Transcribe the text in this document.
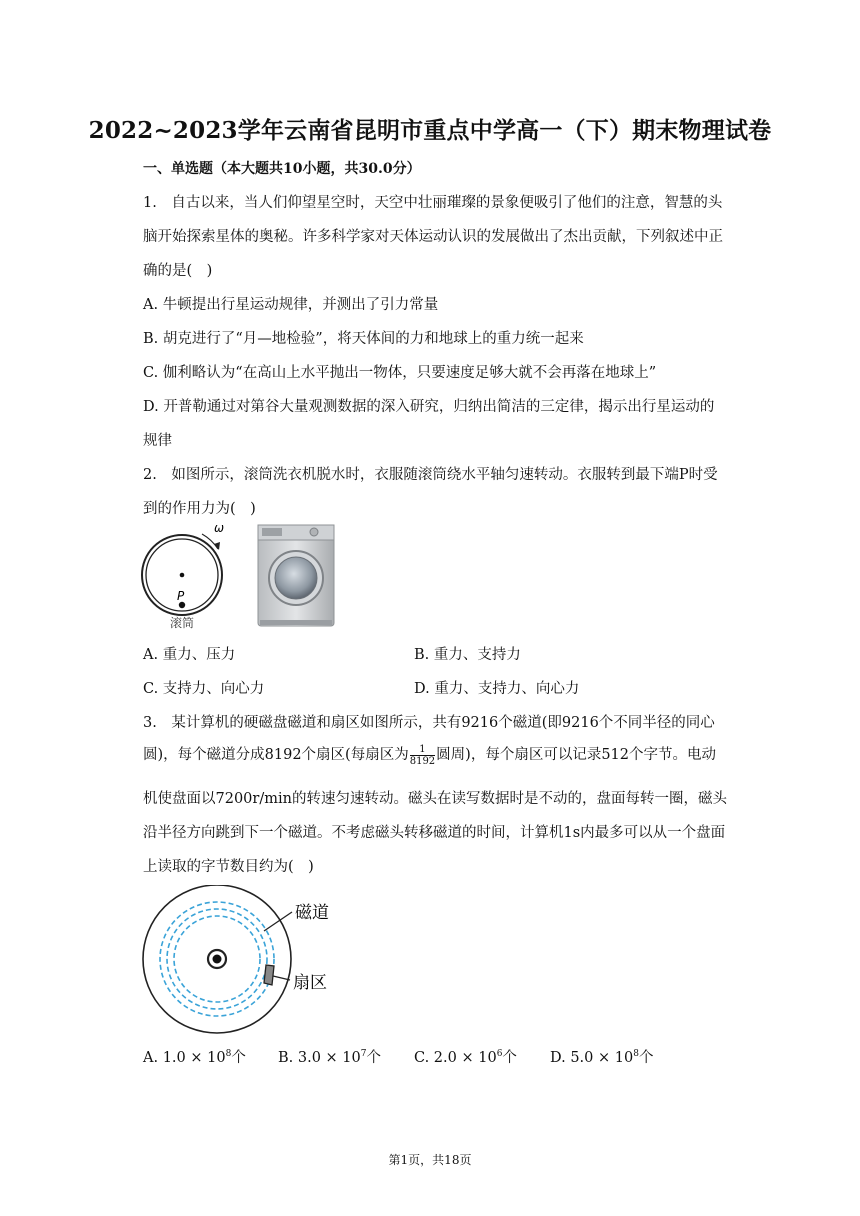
2022~2023学年云南省昆明市重点中学高一（下）期末物理试卷
一、单选题（本大题共10小题，共30.0分）
1.　自古以来，当人们仰望星空时，天空中壮丽璀璨的景象便吸引了他们的注意，智慧的头
脑开始探索星体的奥秘。许多科学家对天体运动认识的发展做出了杰出贡献，下列叙述中正
确的是(　)
A. 牛顿提出行星运动规律，并测出了引力常量
B. 胡克进行了“月—地检验”，将天体间的力和地球上的重力统一起来
C. 伽利略认为“在高山上水平抛出一物体，只要速度足够大就不会再落在地球上”
D. 开普勒通过对第谷大量观测数据的深入研究，归纳出简洁的三定律，揭示出行星运动的
规律
2.　如图所示，滚筒洗衣机脱水时，衣服随滚筒绕水平轴匀速转动。衣服转到最下端P时受
到的作用力为(　)
ω
P
滚筒
A. 重力、压力	B. 重力、支持力
C. 支持力、向心力	D. 重力、支持力、向心力
3.　某计算机的硬磁盘磁道和扇区如图所示，共有9216个磁道(即9216个不同半径的同心
圆)，每个磁道分成8192个扇区(每扇区为 $\frac{1}{8192}$ 圆周)，每个扇区可以记录512个字节。电动
机使盘面以7200r/min的转速匀速转动。磁头在读写数据时是不动的，盘面每转一圈，磁头
沿半径方向跳到下一个磁道。不考虑磁头转移磁道的时间，计算机1s内最多可以从一个盘面
上读取的字节数目约为(　)
磁道
扇区
A. $1.0 \times 10^8$个 B. $3.0 \times 10^7$个 C. $2.0 \times 10^6$个 D. $5.0 \times 10^8$个
第1页，共18页
